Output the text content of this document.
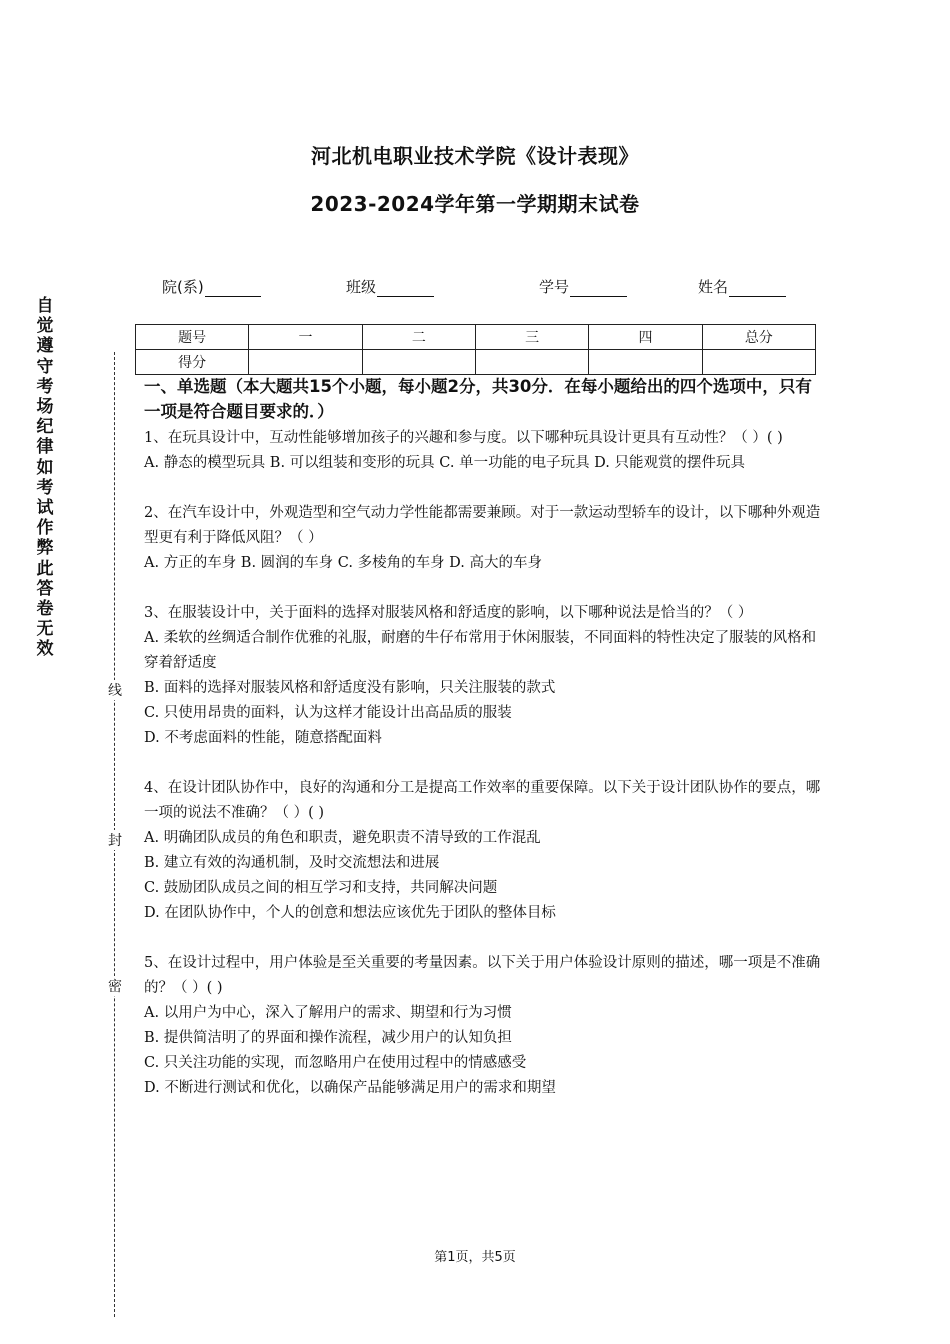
河北机电职业技术学院《设计表现》
2023-2024学年第一学期期末试卷
院(系)	班级	学号	姓名
题号	一	二	三	四	总分
得分					
自觉遵守考场纪律如考试作弊此答卷无效
线
封
密
一、单选题（本大题共15个小题，每小题2分，共30分．在每小题给出的四个选项中，只有一项是符合题目要求的．）

1、在玩具设计中，互动性能够增加孩子的兴趣和参与度。以下哪种玩具设计更具有互动性？（ ）( )

A. 静态的模型玩具 B. 可以组装和变形的玩具 C. 单一功能的电子玩具 D. 只能观赏的摆件玩具

2、在汽车设计中，外观造型和空气动力学性能都需要兼顾。对于一款运动型轿车的设计，以下哪种外观造型更有利于降低风阻？（ ）

A. 方正的车身 B. 圆润的车身 C. 多棱角的车身 D. 高大的车身

3、在服装设计中，关于面料的选择对服装风格和舒适度的影响，以下哪种说法是恰当的？（ ）

A. 柔软的丝绸适合制作优雅的礼服，耐磨的牛仔布常用于休闲服装，不同面料的特性决定了服装的风格和穿着舒适度

B. 面料的选择对服装风格和舒适度没有影响，只关注服装的款式

C. 只使用昂贵的面料，认为这样才能设计出高品质的服装

D. 不考虑面料的性能，随意搭配面料

4、在设计团队协作中，良好的沟通和分工是提高工作效率的重要保障。以下关于设计团队协作的要点，哪一项的说法不准确？（ ）( )

A. 明确团队成员的角色和职责，避免职责不清导致的工作混乱

B. 建立有效的沟通机制，及时交流想法和进展

C. 鼓励团队成员之间的相互学习和支持，共同解决问题

D. 在团队协作中，个人的创意和想法应该优先于团队的整体目标

5、在设计过程中，用户体验是至关重要的考量因素。以下关于用户体验设计原则的描述，哪一项是不准确的？（ ）( )

A. 以用户为中心，深入了解用户的需求、期望和行为习惯

B. 提供简洁明了的界面和操作流程，减少用户的认知负担

C. 只关注功能的实现，而忽略用户在使用过程中的情感感受

D. 不断进行测试和优化，以确保产品能够满足用户的需求和期望

第1页，共5页
